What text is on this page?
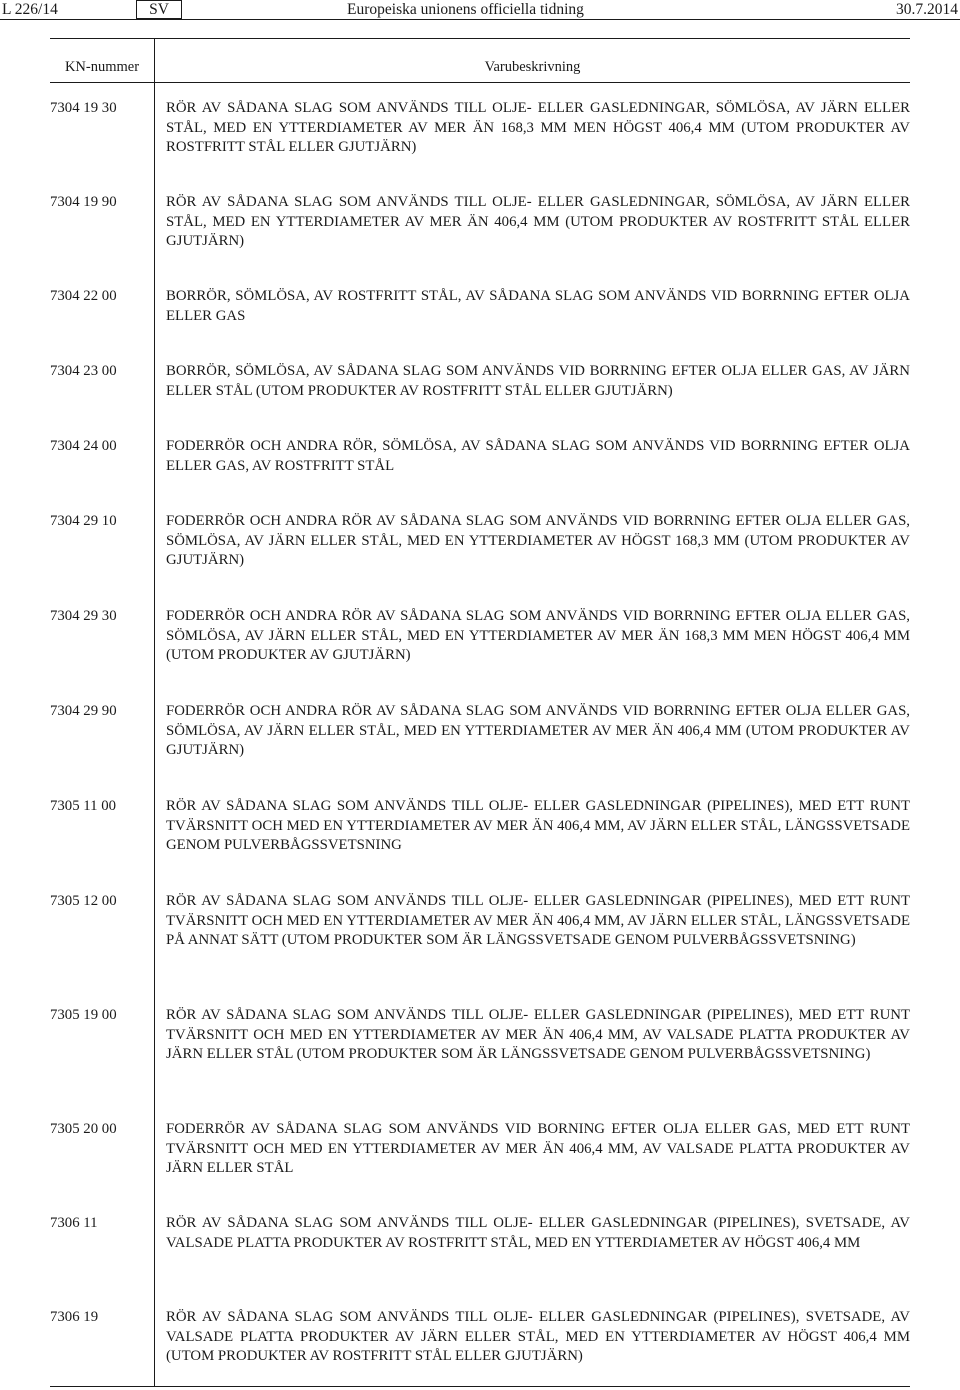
L 226/14	SV	Europeiska unionens officiella tidning	30.7.2014
KN-nummer	Varubeskrivning
7304 19 30	RÖR AV SÅDANA SLAG SOM ANVÄNDS TILL OLJE- ELLER GASLEDNINGAR, SÖMLÖSA, AV JÄRN ELLER STÅL, MED EN YTTERDIAMETER AV MER ÄN 168,3 MM MEN HÖGST 406,4 MM (UTOM PRODUKTER AV ROSTFRITT STÅL ELLER GJUTJÄRN)
7304 19 90	RÖR AV SÅDANA SLAG SOM ANVÄNDS TILL OLJE- ELLER GASLEDNINGAR, SÖMLÖSA, AV JÄRN ELLER STÅL, MED EN YTTERDIAMETER AV MER ÄN 406,4 MM (UTOM PRODUKTER AV ROSTFRITT STÅL ELLER GJUTJÄRN)
7304 22 00	BORRÖR, SÖMLÖSA, AV ROSTFRITT STÅL, AV SÅDANA SLAG SOM ANVÄNDS VID BORRNING EFTER OLJA ELLER GAS
7304 23 00	BORRÖR, SÖMLÖSA, AV SÅDANA SLAG SOM ANVÄNDS VID BORRNING EFTER OLJA ELLER GAS, AV JÄRN ELLER STÅL (UTOM PRODUKTER AV ROSTFRITT STÅL ELLER GJUTJÄRN)
7304 24 00	FODERRÖR OCH ANDRA RÖR, SÖMLÖSA, AV SÅDANA SLAG SOM ANVÄNDS VID BORRNING EFTER OLJA ELLER GAS, AV ROSTFRITT STÅL
7304 29 10	FODERRÖR OCH ANDRA RÖR AV SÅDANA SLAG SOM ANVÄNDS VID BORRNING EFTER OLJA ELLER GAS, SÖMLÖSA, AV JÄRN ELLER STÅL, MED EN YTTERDIAMETER AV HÖGST 168,3 MM (UTOM PRODUKTER AV GJUTJÄRN)
7304 29 30	FODERRÖR OCH ANDRA RÖR AV SÅDANA SLAG SOM ANVÄNDS VID BORRNING EFTER OLJA ELLER GAS, SÖMLÖSA, AV JÄRN ELLER STÅL, MED EN YTTERDIAMETER AV MER ÄN 168,3 MM MEN HÖGST 406,4 MM (UTOM PRODUKTER AV GJUTJÄRN)
7304 29 90	FODERRÖR OCH ANDRA RÖR AV SÅDANA SLAG SOM ANVÄNDS VID BORRNING EFTER OLJA ELLER GAS, SÖMLÖSA, AV JÄRN ELLER STÅL, MED EN YTTERDIAMETER AV MER ÄN 406,4 MM (UTOM PRODUKTER AV GJUTJÄRN)
7305 11 00	RÖR AV SÅDANA SLAG SOM ANVÄNDS TILL OLJE- ELLER GASLEDNINGAR (PIPELINES), MED ETT RUNT TVÄRSNITT OCH MED EN YTTERDIAMETER AV MER ÄN 406,4 MM, AV JÄRN ELLER STÅL, LÄNGSSVETSADE GENOM PULVERBÅGSSVETSNING
7305 12 00	RÖR AV SÅDANA SLAG SOM ANVÄNDS TILL OLJE- ELLER GASLEDNINGAR (PIPELINES), MED ETT RUNT TVÄRSNITT OCH MED EN YTTERDIAMETER AV MER ÄN 406,4 MM, AV JÄRN ELLER STÅL, LÄNGSSVETSADE PÅ ANNAT SÄTT (UTOM PRODUKTER SOM ÄR LÄNGSSVETSADE GENOM PULVERBÅGSSVETSNING)
7305 19 00	RÖR AV SÅDANA SLAG SOM ANVÄNDS TILL OLJE- ELLER GASLEDNINGAR (PIPELINES), MED ETT RUNT TVÄRSNITT OCH MED EN YTTERDIAMETER AV MER ÄN 406,4 MM, AV VALSADE PLATTA PRODUKTER AV JÄRN ELLER STÅL (UTOM PRODUKTER SOM ÄR LÄNGSSVETSADE GENOM PULVERBÅGSSVETSNING)
7305 20 00	FODERRÖR AV SÅDANA SLAG SOM ANVÄNDS VID BORNING EFTER OLJA ELLER GAS, MED ETT RUNT TVÄRSNITT OCH MED EN YTTERDIAMETER AV MER ÄN 406,4 MM, AV VALSADE PLATTA PRODUKTER AV JÄRN ELLER STÅL
7306 11	RÖR AV SÅDANA SLAG SOM ANVÄNDS TILL OLJE- ELLER GASLEDNINGAR (PIPELINES), SVETSADE, AV VALSADE PLATTA PRODUKTER AV ROSTFRITT STÅL, MED EN YTTERDIAMETER AV HÖGST 406,4 MM
7306 19	RÖR AV SÅDANA SLAG SOM ANVÄNDS TILL OLJE- ELLER GASLEDNINGAR (PIPELINES), SVETSADE, AV VALSADE PLATTA PRODUKTER AV JÄRN ELLER STÅL, MED EN YTTERDIAMETER AV HÖGST 406,4 MM (UTOM PRODUKTER AV ROSTFRITT STÅL ELLER GJUTJÄRN)
